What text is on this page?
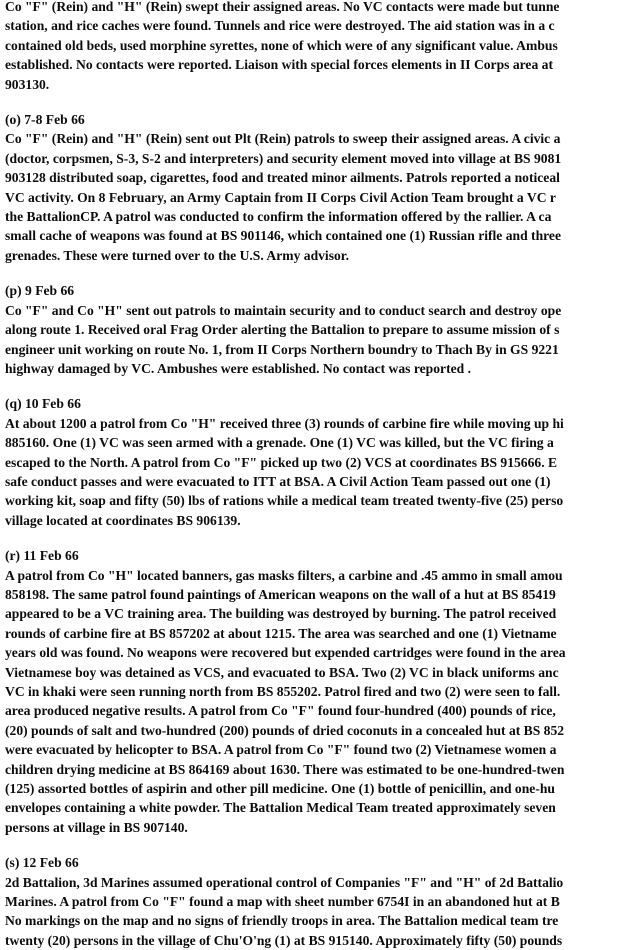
Co "F" (Rein) and "H" (Rein) swept their assigned areas. No VC contacts were made but tunne
station, and rice caches were found. Tunnels and rice were destroyed. The aid station was in a c
contained old beds, used morphine syrettes, none of which were of any significant value. Ambus
established. No contacts were reported. Liaison with special forces elements in II Corps area at
903130.
(o) 7-8 Feb 66
Co "F" (Rein) and "H" (Rein) sent out Plt (Rein) patrols to sweep their assigned areas. A civic a
(doctor, corpsmen, S-3, S-2 and interpreters) and security element moved into village at BS 9081
903128 distributed soap, cigarettes, food and treated minor ailments. Patrols reported a noticeal
VC activity. On 8 February, an Army Captain from II Corps Civil Action Team brought a VC r
the BattalionCP. A patrol was conducted to confirm the information offered by the rallier. A ca
small cache of weapons was found at BS 901146, which contained one (1) Russian rifle and three
grenades. These were turned over to the U.S. Army advisor.
(p) 9 Feb 66
Co "F" and Co "H" sent out patrols to maintain security and to conduct search and destroy ope
along route 1. Received oral Frag Order alerting the Battalion to prepare to assume mission of s
engineer unit working on route No. 1, from II Corps Northern boundry to Thach By in GS 9221
highway damaged by VC. Ambushes were established. No contact was reported .
(q) 10 Feb 66
At about 1200 a patrol from Co "H" received three (3) rounds of carbine fire while moving up hi
885160. One (1) VC was seen armed with a grenade. One (1) VC was killed, but the VC firing a
escaped to the North. A patrol from Co "F" picked up two (2) VCS at coordinates BS 915666. E
safe conduct passes and were evacuated to ITT at BSA. A Civil Action Team passed out one (1)
working kit, soap and fifty (50) lbs of rations while a medical team treated twenty-five (25) perso
village located at coordinates BS 906139.
(r) 11 Feb 66
A patrol from Co "H" located banners, gas masks filters, a carbine and .45 ammo in small amou
858198. The same patrol found paintings of American weapons on the wall of a hut at BS 85419
appeared to be a VC training area. The building was destroyed by burning. The patrol received
rounds of carbine fire at BS 857202 at about 1215. The area was searched and one (1) Vietname
years old was found. No weapons were recovered but expended cartridges were found in the area
Vietnamese boy was detained as VCS, and evacuated to BSA. Two (2) VC in black uniforms anc
VC in khaki were seen running north from BS 855202. Patrol fired and two (2) were seen to fall.
area produced negative results. A patrol from Co "F" found four-hundred (400) pounds of rice,
(20) pounds of salt and two-hundred (200) pounds of dried coconuts in a concealed hut at BS 852
were evacuated by helicopter to BSA. A patrol from Co "F" found two (2) Vietnamese women a
children drying medicine at BS 864169 about 1630. There was estimated to be one-hundred-twen
(125) assorted bottles of aspirin and other pill medicine. One (1) bottle of penicillin, and one-hu
envelopes containing a white powder. The Battalion Medical Team treated approximately seven
persons at village in BS 907140.
(s) 12 Feb 66
2d Battalion, 3d Marines assumed operational control of Companies "F" and "H" of 2d Battalio
Marines. A patrol from Co "F" found a map with sheet number 6754I in an abandoned hut at B
No markings on the map and no signs of friendly troops in area. The Battalion medical team tre
twenty (20) persons in the village of Chu'O'ng (1) at BS 915140. Approximately fifty (50) pounds
